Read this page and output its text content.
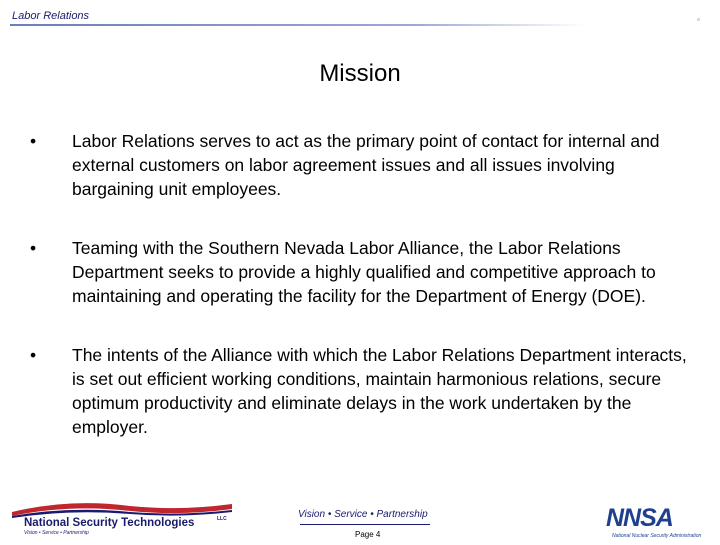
Labor Relations
Mission
•	Labor Relations serves to act as the primary point of contact for internal and external customers on labor agreement issues and all issues involving bargaining unit employees.
•	Teaming with the Southern Nevada Labor Alliance, the Labor Relations Department seeks to provide a highly qualified and competitive approach to maintaining and operating the facility for the Department of Energy (DOE).
•	The intents of the Alliance with which the Labor Relations Department interacts, is set out efficient working conditions, maintain harmonious relations, secure optimum productivity and eliminate delays in the work undertaken by the employer.
National Security Technologies	LLC
Vision • Service • Partnership
Vision • Service • Partnership
Page 4
NNSA
National Nuclear Security Administration
